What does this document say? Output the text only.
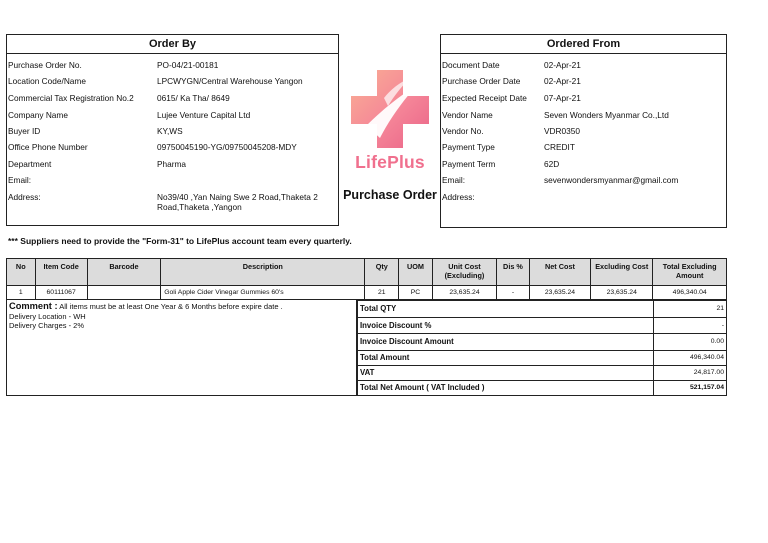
Order By
Purchase Order No.	PO-04/21-00181
Location Code/Name	LPCWYGN/Central Warehouse Yangon
Commercial Tax Registration No.2	0615/ Ka Tha/ 8649
Company Name	Lujee Venture Capital Ltd
Buyer ID	KY,WS
Office Phone Number	09750045190-YG/09750045208-MDY
Department	Pharma
Email:
Address:	No39/40 ,Yan Naing Swe 2 Road,Thaketa 2 Road,Thaketa ,Yangon
LifePlus
Purchase Order
Ordered From
Document Date	02-Apr-21
Purchase Order Date	02-Apr-21
Expected Receipt Date 07-Apr-21
Vendor Name	Seven Wonders Myanmar Co.,Ltd
Vendor No.	VDR0350
Payment Type	CREDIT
Payment Term	62D
Email:	sevenwondersmyanmar@gmail.com
Address:
*** Suppliers need to provide the "Form-31" to LifePlus account team every quarterly.
No	Item Code	Barcode	Description	Qty	UOM	Unit Cost (Excluding)	Dis %	Net Cost	Excluding Cost	Total Excluding Amount
1	60111067		Goli Apple Cider Vinegar Gummies 60's	21	PC	23,635.24	-	23,635.24	23,635.24	496,340.04
Comment : All items must be at least One Year & 6 Months before expire date .
Delivery Location - WH
Delivery Charges - 2%
Total QTY	21
Invoice Discount %	-
Invoice Discount Amount	0.00
Total Amount	496,340.04
VAT	24,817.00
Total Net Amount ( VAT Included )	521,157.04
